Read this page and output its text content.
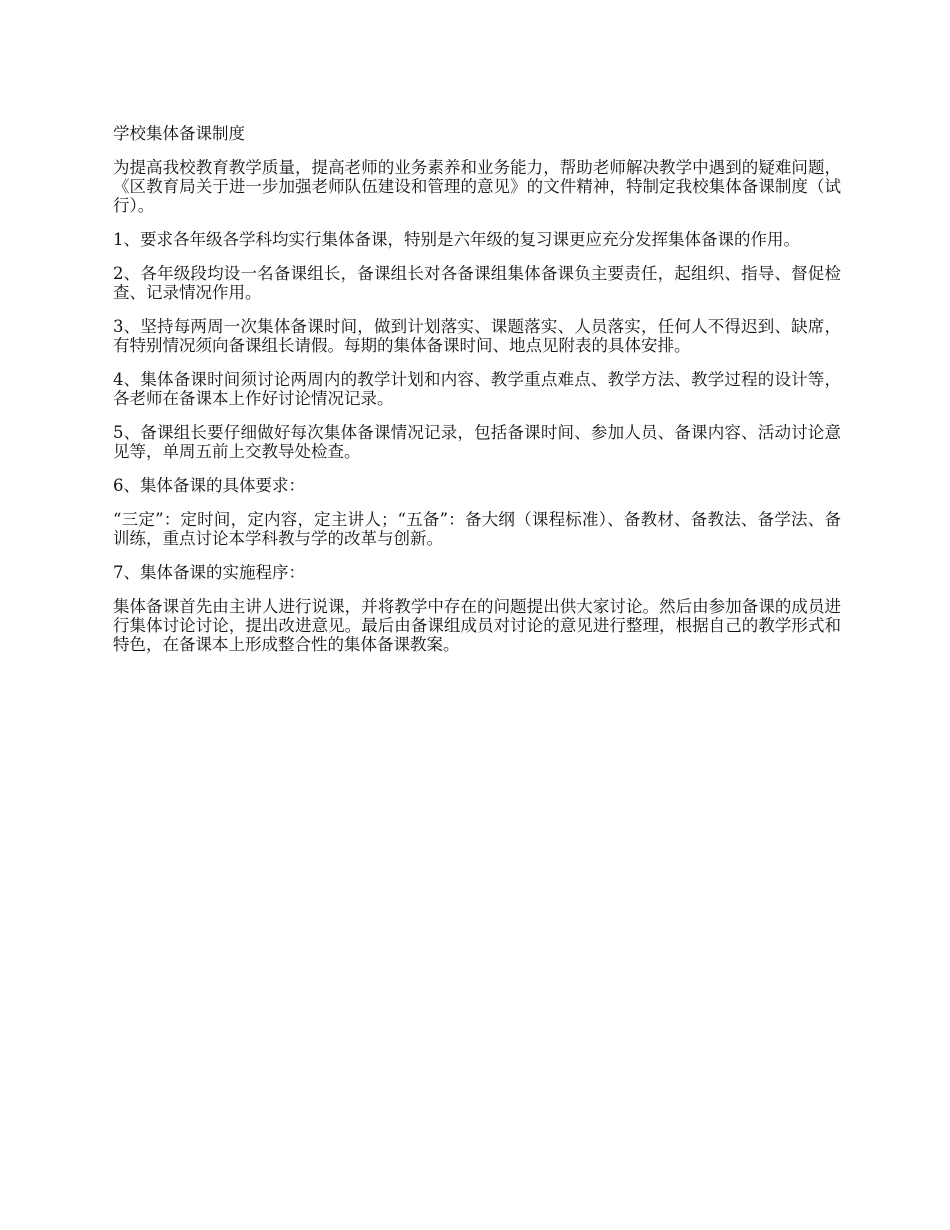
学校集体备课制度

为提高我校教育教学质量，提高老师的业务素养和业务能力，帮助老师解决教学中遇到的疑难问题，《区教育局关于进一步加强老师队伍建设和管理的意见》的文件精神，特制定我校集体备课制度（试行）。

1、要求各年级各学科均实行集体备课，特别是六年级的复习课更应充分发挥集体备课的作用。

2、各年级段均设一名备课组长，备课组长对各备课组集体备课负主要责任，起组织、指导、督促检查、记录情况作用。

3、坚持每两周一次集体备课时间，做到计划落实、课题落实、人员落实，任何人不得迟到、缺席，有特别情况须向备课组长请假。每期的集体备课时间、地点见附表的具体安排。

4、集体备课时间须讨论两周内的教学计划和内容、教学重点难点、教学方法、教学过程的设计等，各老师在备课本上作好讨论情况记录。

5、备课组长要仔细做好每次集体备课情况记录，包括备课时间、参加人员、备课内容、活动讨论意见等，单周五前上交教导处检查。

6、集体备课的具体要求：

“三定”：定时间，定内容，定主讲人；“五备”：备大纲（课程标准）、备教材、备教法、备学法、备训练，重点讨论本学科教与学的改革与创新。

7、集体备课的实施程序：

集体备课首先由主讲人进行说课，并将教学中存在的问题提出供大家讨论。然后由参加备课的成员进行集体讨论讨论，提出改进意见。最后由备课组成员对讨论的意见进行整理，根据自己的教学形式和特色，在备课本上形成整合性的集体备课教案。
